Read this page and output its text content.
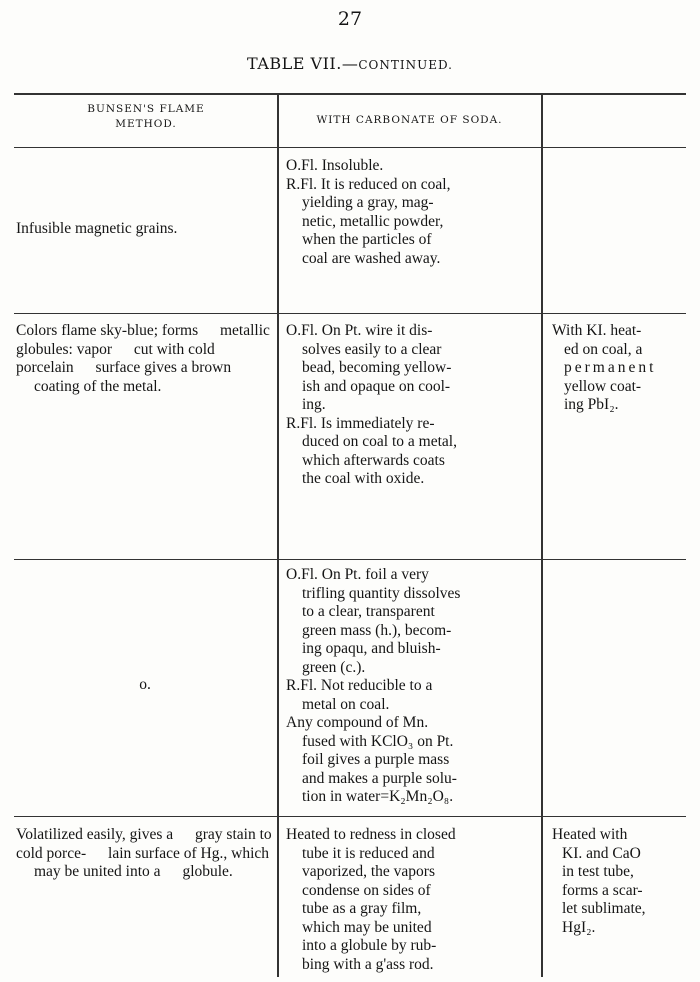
27
TABLE VII.—CONTINUED.
BUNSEN'S FLAME
METHOD.	WITH CARBONATE OF SODA.
Infusible magnetic grains.
O.Fl. Insoluble.
R.Fl. It is reduced on coal,
yielding a gray, mag-
netic, metallic powder,
when the particles of
coal are washed away.
Colors flame sky-blue; forms metallic globules: vapor cut with cold porcelain surface gives a brown coating of the metal.
O.Fl. On Pt. wire it dis-
solves easily to a clear
bead, becoming yellow-
ish and opaque on cool-
ing.
R.Fl. Is immediately re-
duced on coal to a metal,
which afterwards coats
the coal with oxide.
With KI. heat-
ed on coal, a
permanent
yellow coat-
ing PbI₂.
o.
O.Fl. On Pt. foil a very
trifling quantity dissolves
to a clear, transparent
green mass (h.), becom-
ing opaqu, and bluish-
green (c.).
R.Fl. Not reducible to a
metal on coal.
Any compound of Mn.
fused with KClO₃ on Pt.
foil gives a purple mass
and makes a purple solu-
tion in water=K₂Mn₂O₈.
Volatilized easily, gives a gray stain to cold porce- lain surface of Hg., which may be united into a globule.
Heated to redness in closed
tube it is reduced and
vaporized, the vapors
condense on sides of
tube as a gray film,
which may be united
into a globule by rub-
bing with a g'ass rod.
Heated with
KI. and CaO
in test tube,
forms a scar-
let sublimate,
HgI₂.
